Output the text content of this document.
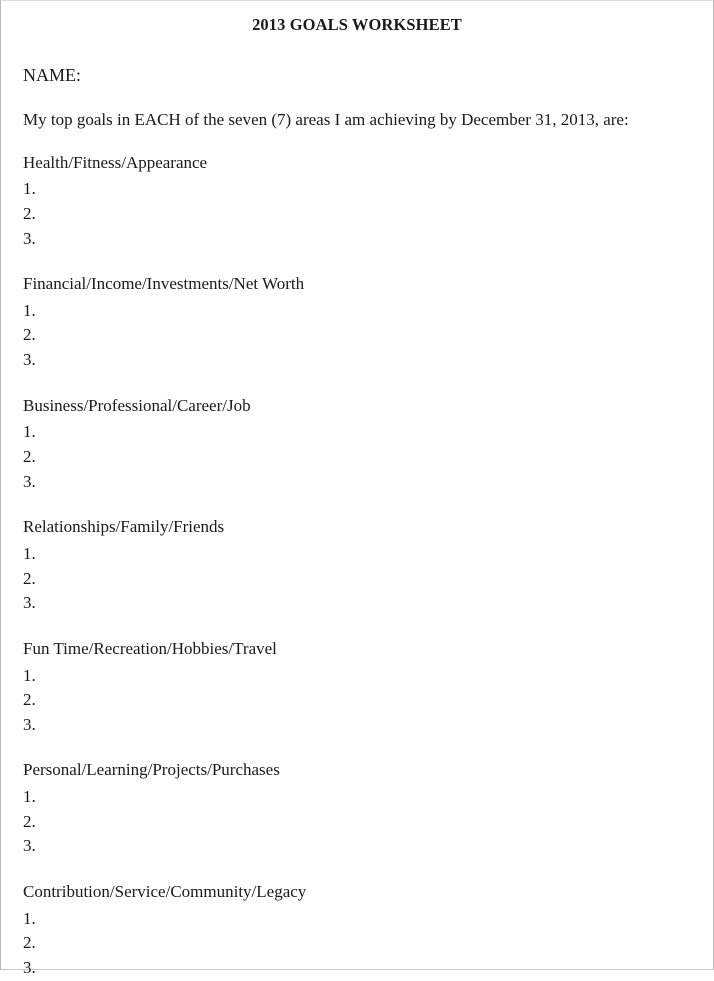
2013 GOALS WORKSHEET
NAME:
My top goals in EACH of the seven (7) areas I am achieving by December 31, 2013, are:
Health/Fitness/Appearance
1.
2.
3.
Financial/Income/Investments/Net Worth
1.
2.
3.
Business/Professional/Career/Job
1.
2.
3.
Relationships/Family/Friends
1.
2.
3.
Fun Time/Recreation/Hobbies/Travel
1.
2.
3.
Personal/Learning/Projects/Purchases
1.
2.
3.
Contribution/Service/Community/Legacy
1.
2.
3.
